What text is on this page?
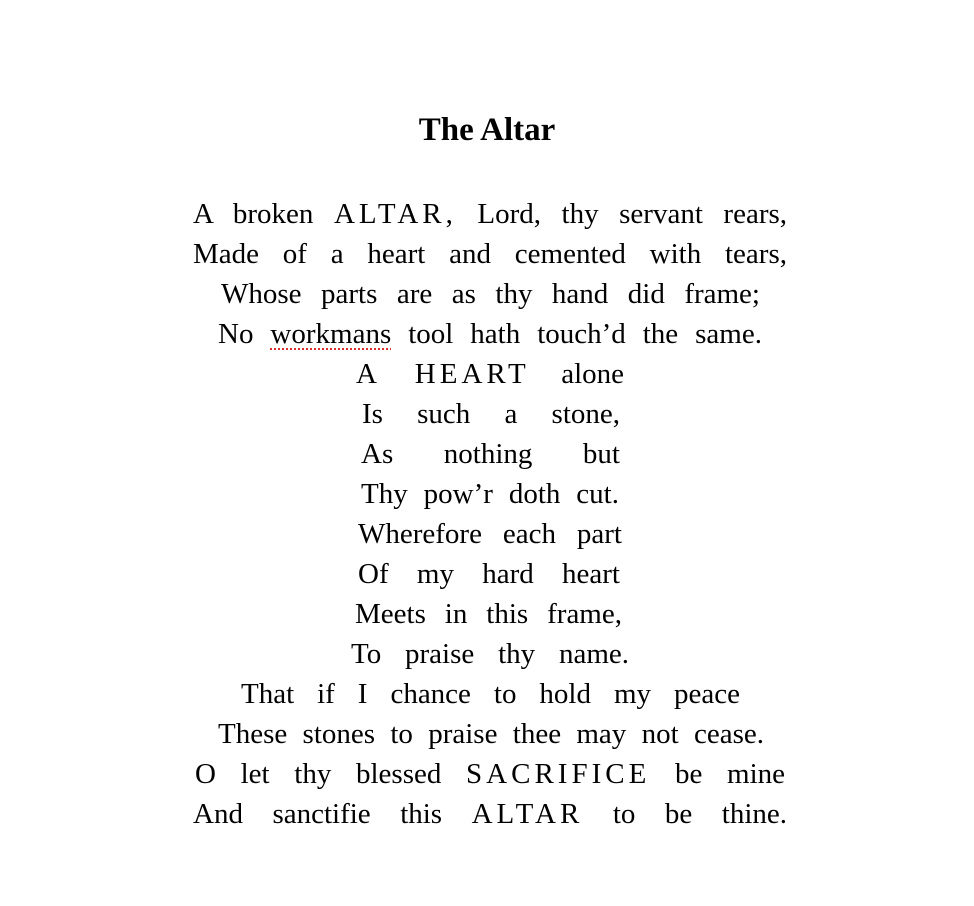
The Altar
A broken ALTAR, Lord, thy servant rears,
Made of a heart and cemented with tears,
Whose parts are as thy hand did frame;
No workmans tool hath touch’d the same.
A HEART alone
Is such a stone,
As nothing but
Thy pow’r doth cut.
Wherefore each part
Of my hard heart
Meets in this frame,
To praise thy name.
That if I chance to hold my peace
These stones to praise thee may not cease.
O let thy blessed SACRIFICE be mine
And sanctifie this ALTAR to be thine.
